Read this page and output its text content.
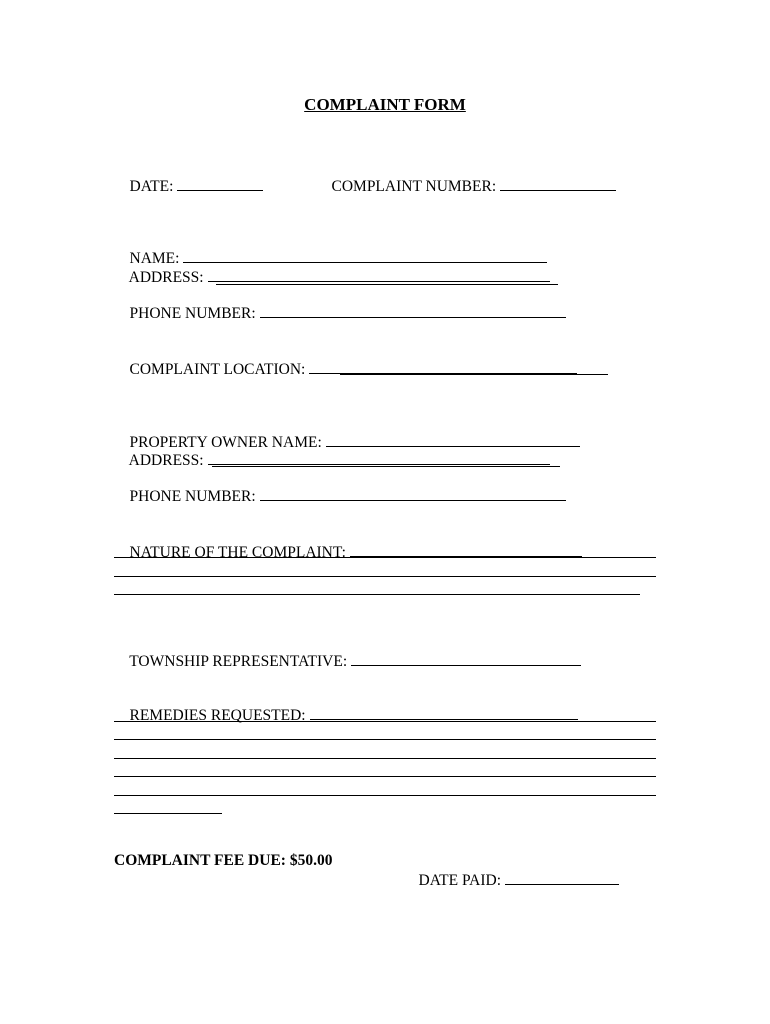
COMPLAINT FORM

DATE:
	COMPLAINT NUMBER:

NAME:

ADDRESS:

PHONE NUMBER:

COMPLAINT LOCATION:

PROPERTY OWNER NAME:

ADDRESS:

PHONE NUMBER:

NATURE OF THE COMPLAINT:

TOWNSHIP REPRESENTATIVE:

REMEDIES REQUESTED:

COMPLAINT FEE DUE: $50.00

DATE PAID:
